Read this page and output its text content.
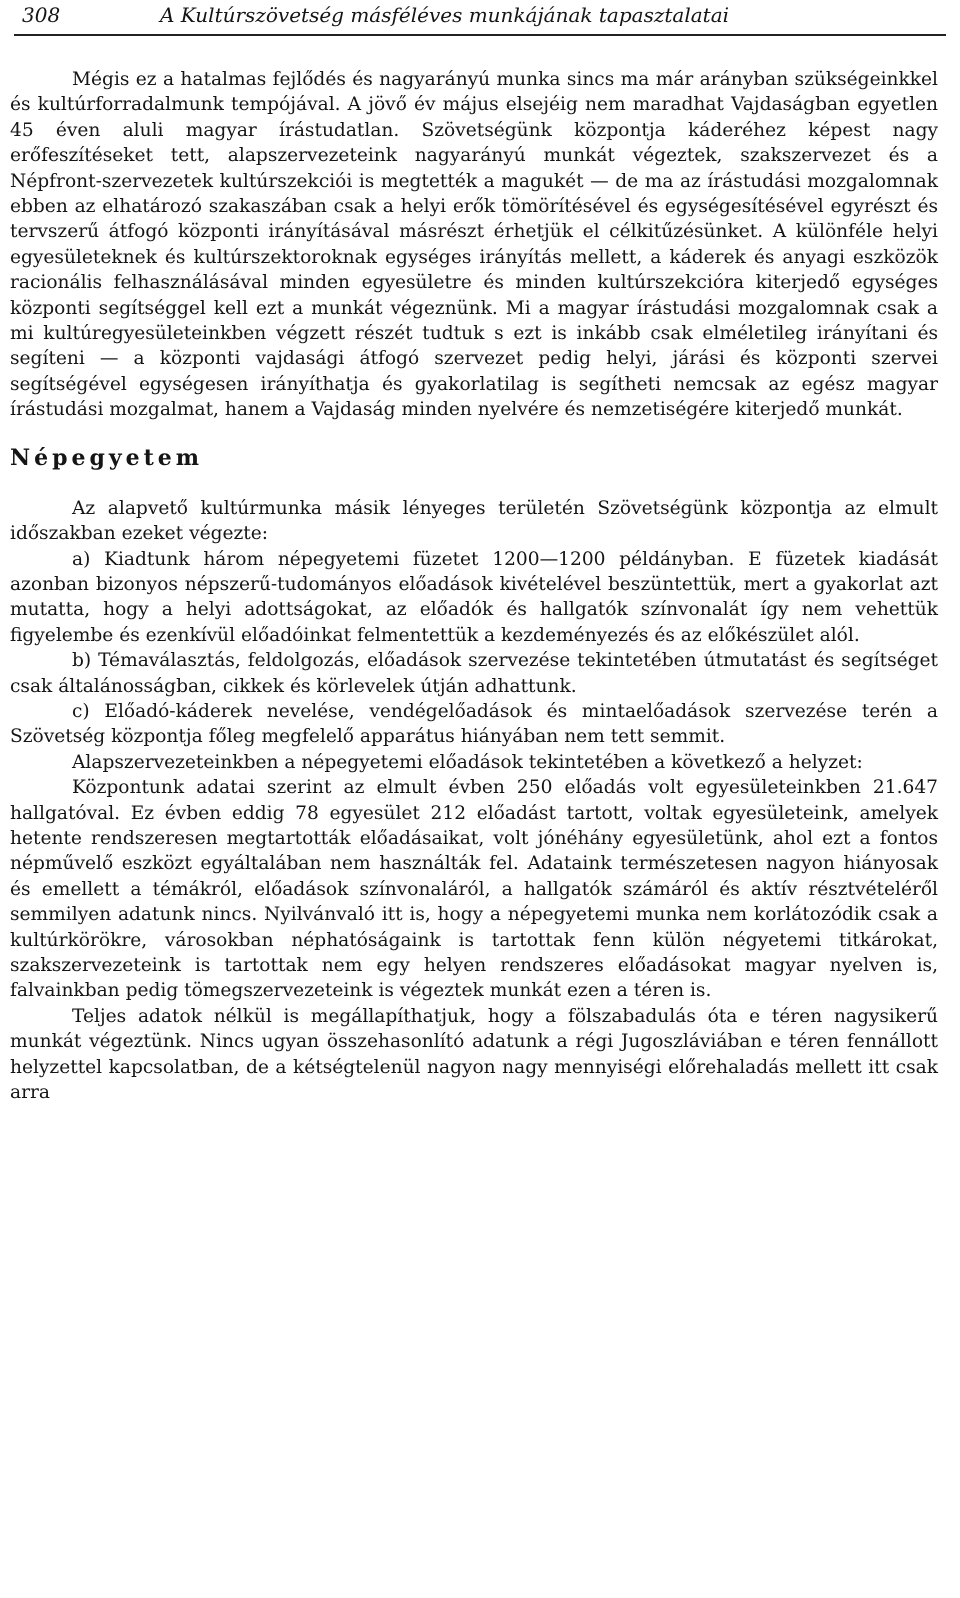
308	A Kultúrszövetség másféléves munkájának tapasztalatai

Mégis ez a hatalmas fejlődés és nagyarányú munka sincs ma már arányban szükségeinkkel és kultúrforradalmunk tempójával. A jövő év május elsejéig nem maradhat Vajdaságban egyetlen 45 éven aluli magyar írástudatlan. Szövetségünk központja káderéhez képest nagy erőfeszítéseket tett, alapszervezeteink nagyarányú munkát végeztek, szakszervezet és a Népfront-szervezetek kultúrszekciói is megtették a magukét — de ma az írástudási mozgalomnak ebben az elhatározó szakaszában csak a helyi erők tömörítésével és egységesítésével egyrészt és tervszerű átfogó központi irányításával másrészt érhetjük el célkitűzésünket. A különféle helyi egyesületeknek és kultúrszektoroknak egységes irányítás mellett, a káderek és anyagi eszközök racionális felhasználásával minden egyesületre és minden kultúrszekcióra kiterjedő egységes központi segítséggel kell ezt a munkát végeznünk. Mi a magyar írástudási mozgalomnak csak a mi kultúregyesületeinkben végzett részét tudtuk s ezt is inkább csak elméletileg irányítani és segíteni — a központi vajdasági átfogó szervezet pedig helyi, járási és központi szervei segítségével egységesen irányíthatja és gyakorlatilag is segítheti nemcsak az egész magyar írástudási mozgalmat, hanem a Vajdaság minden nyelvére és nemzetiségére kiterjedő munkát.

Népegyetem

Az alapvető kultúrmunka másik lényeges területén Szövetségünk központja az elmult időszakban ezeket végezte:

a) Kiadtunk három népegyetemi füzetet 1200—1200 példányban. E füzetek kiadását azonban bizonyos népszerű-tudományos előadások kivételével beszüntettük, mert a gyakorlat azt mutatta, hogy a helyi adottságokat, az előadók és hallgatók színvonalát így nem vehettük figyelembe és ezenkívül előadóinkat felmentettük a kezdeményezés és az előkészület alól.

b) Témaválasztás, feldolgozás, előadások szervezése tekintetében útmutatást és segítséget csak általánosságban, cikkek és körlevelek útján adhattunk.

c) Előadó-káderek nevelése, vendégelőadások és mintaelőadások szervezése terén a Szövetség központja főleg megfelelő apparátus hiányában nem tett semmit.

Alapszervezeteinkben a népegyetemi előadások tekintetében a következő a helyzet:

Központunk adatai szerint az elmult évben 250 előadás volt egyesületeinkben 21.647 hallgatóval. Ez évben eddig 78 egyesület 212 előadást tartott, voltak egyesületeink, amelyek hetente rendszeresen megtartották előadásaikat, volt jónéhány egyesületünk, ahol ezt a fontos népművelő eszközt egyáltalában nem használták fel. Adataink természetesen nagyon hiányosak és emellett a témákról, előadások színvonaláról, a hallgatók számáról és aktív résztvételéről semmilyen adatunk nincs. Nyilvánvaló itt is, hogy a népegyetemi munka nem korlátozódik csak a kultúrkörökre, városokban néphatóságaink is tartottak fenn külön négyetemi titkárokat, szakszervezeteink is tartottak nem egy helyen rendszeres előadásokat magyar nyelven is, falvainkban pedig tömegszervezeteink is végeztek munkát ezen a téren is.

Teljes adatok nélkül is megállapíthatjuk, hogy a fölszabadulás óta e téren nagysikerű munkát végeztünk. Nincs ugyan összehasonlító adatunk a régi Jugoszláviában e téren fennállott helyzettel kapcsolatban, de a kétségtelenül nagyon nagy mennyiségi előrehaladás mellett itt csak arra
